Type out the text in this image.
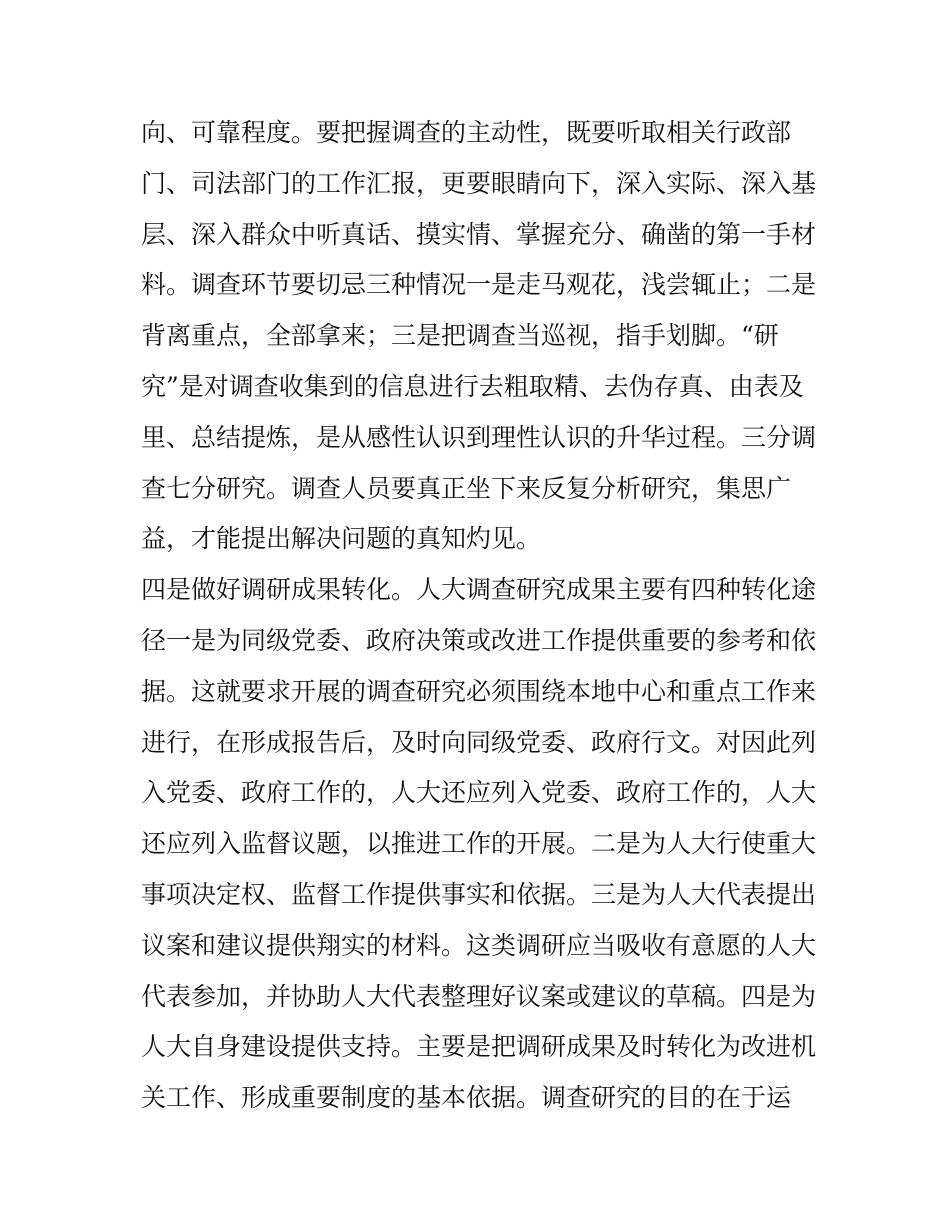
向、可靠程度。要把握调查的主动性，既要听取相关行政部
门、司法部门的工作汇报，更要眼睛向下，深入实际、深入基
层、深入群众中听真话、摸实情、掌握充分、确凿的第一手材
料。调查环节要切忌三种情况一是走马观花，浅尝辄止；二是
背离重点，全部拿来；三是把调查当巡视，指手划脚。“研
究”是对调查收集到的信息进行去粗取精、去伪存真、由表及
里、总结提炼，是从感性认识到理性认识的升华过程。三分调
查七分研究。调查人员要真正坐下来反复分析研究，集思广
益，才能提出解决问题的真知灼见。
四是做好调研成果转化。人大调查研究成果主要有四种转化途
径一是为同级党委、政府决策或改进工作提供重要的参考和依
据。这就要求开展的调查研究必须围绕本地中心和重点工作来
进行，在形成报告后，及时向同级党委、政府行文。对因此列
入党委、政府工作的，人大还应列入党委、政府工作的，人大
还应列入监督议题，以推进工作的开展。二是为人大行使重大
事项决定权、监督工作提供事实和依据。三是为人大代表提出
议案和建议提供翔实的材料。这类调研应当吸收有意愿的人大
代表参加，并协助人大代表整理好议案或建议的草稿。四是为
人大自身建设提供支持。主要是把调研成果及时转化为改进机
关工作、形成重要制度的基本依据。调查研究的目的在于运
